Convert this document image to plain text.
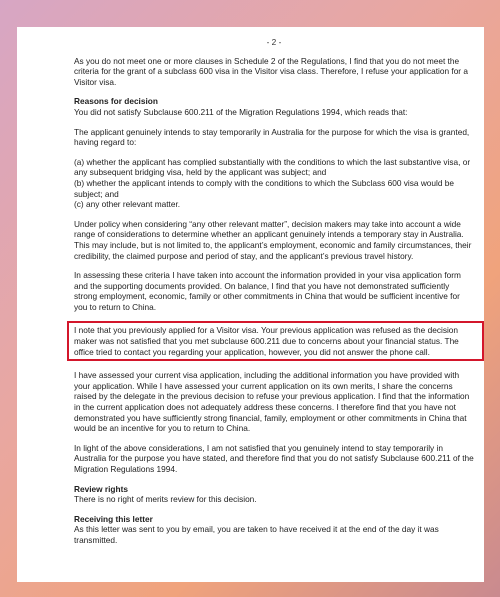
- 2 -

As you do not meet one or more clauses in Schedule 2 of the Regulations, I find that you do not meet the criteria for the grant of a subclass 600 visa in the Visitor visa class. Therefore, I refuse your application for a Visitor visa.

Reasons for decision

You did not satisfy Subclause 600.211 of the Migration Regulations 1994, which reads that:

The applicant genuinely intends to stay temporarily in Australia for the purpose for which the visa is granted, having regard to:

(a) whether the applicant has complied substantially with the conditions to which the last substantive visa, or any subsequent bridging visa, held by the applicant was subject; and

(b) whether the applicant intends to comply with the conditions to which the Subclass 600 visa would be subject; and

(c) any other relevant matter.

Under policy when considering “any other relevant matter”, decision makers may take into account a wide range of considerations to determine whether an applicant genuinely intends a temporary stay in Australia. This may include, but is not limited to, the applicant’s employment, economic and family circumstances, their credibility, the claimed purpose and period of stay, and the applicant’s previous travel history.

In assessing these criteria I have taken into account the information provided in your visa application form and the supporting documents provided. On balance, I find that you have not demonstrated sufficiently strong employment, economic, family or other commitments in China that would be sufficient incentive for you to return to China.

I note that you previously applied for a Visitor visa. Your previous application was refused as the decision maker was not satisfied that you met subclause 600.211 due to concerns about your financial status. The office tried to contact you regarding your application, however, you did not answer the phone call.

I have assessed your current visa application, including the additional information you have provided with your application. While I have assessed your current application on its own merits, I share the concerns raised by the delegate in the previous decision to refuse your previous application. I find that the information in the current application does not adequately address these concerns. I therefore find that you have not demonstrated you have sufficiently strong financial, family, employment or other commitments in China that would be an incentive for you to return to China.

In light of the above considerations, I am not satisfied that you genuinely intend to stay temporarily in Australia for the purpose you have stated, and therefore find that you do not satisfy Subclause 600.211 of the Migration Regulations 1994.

Review rights

There is no right of merits review for this decision.

Receiving this letter

As this letter was sent to you by email, you are taken to have received it at the end of the day it was transmitted.
